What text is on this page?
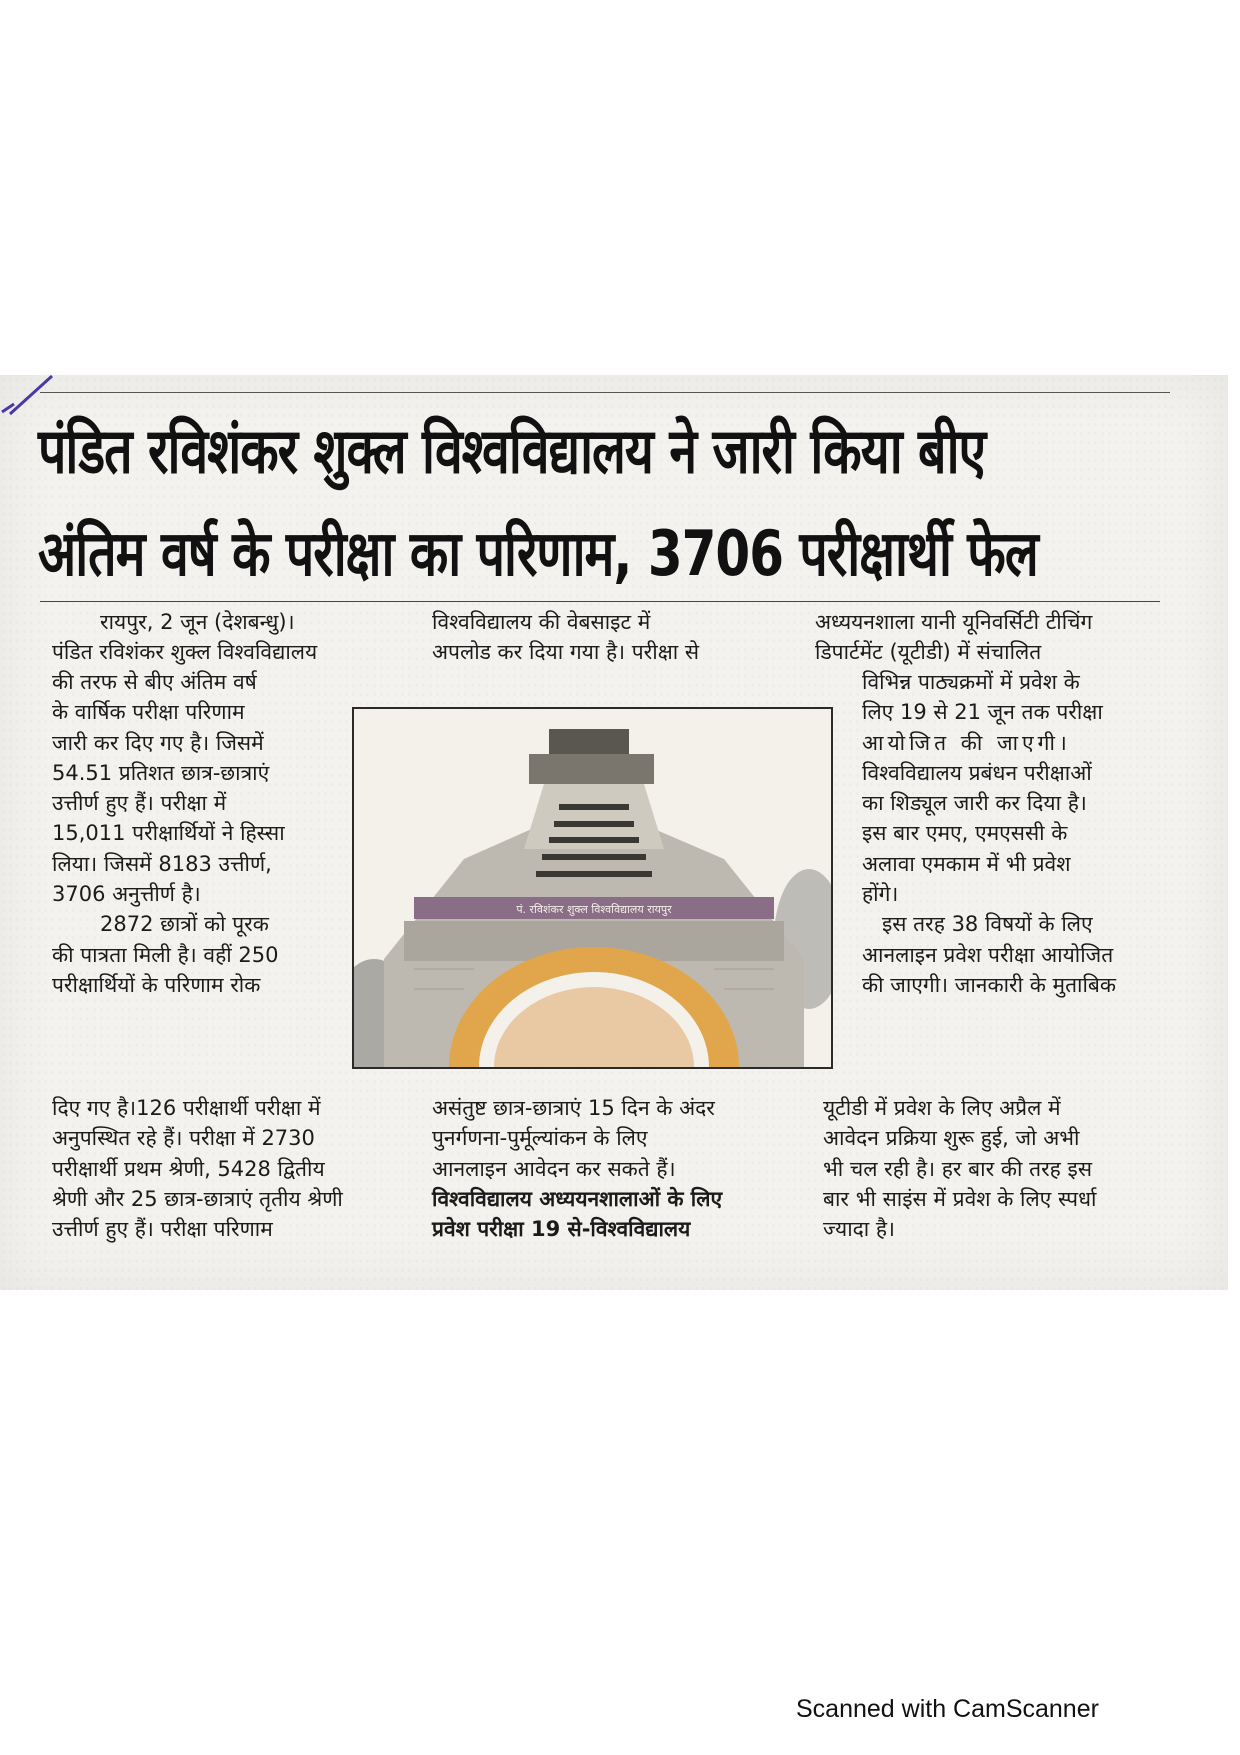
पंडित रविशंकर शुक्ल विश्वविद्यालय ने जारी किया बीए
अंतिम वर्ष के परीक्षा का परिणाम, 3706 परीक्षार्थी फेल

रायपुर, 2 जून (देशबन्धु)।

पंडित रविशंकर शुक्ल विश्वविद्यालय

की तरफ से बीए अंतिम वर्ष

के वार्षिक परीक्षा परिणाम

जारी कर दिए गए है। जिसमें

54.51 प्रतिशत छात्र-छात्राएं

उत्तीर्ण हुए हैं। परीक्षा में

15,011 परीक्षार्थियों ने हिस्सा

लिया। जिसमें 8183 उत्तीर्ण,

3706 अनुत्तीर्ण है।

2872 छात्रों को पूरक

की पात्रता मिली है। वहीं 250

परीक्षार्थियों के परिणाम रोक

दिए गए है।126 परीक्षार्थी परीक्षा में

अनुपस्थित रहे हैं। परीक्षा में 2730

परीक्षार्थी प्रथम श्रेणी, 5428 द्वितीय

श्रेणी और 25 छात्र-छात्राएं तृतीय श्रेणी

उत्तीर्ण हुए हैं। परीक्षा परिणाम

विश्वविद्यालय की वेबसाइट में

अपलोड कर दिया गया है। परीक्षा से

पं. रविशंकर शुक्ल विश्वविद्यालय रायपुर

असंतुष्ट छात्र-छात्राएं 15 दिन के अंदर

पुनर्गणना-पुर्मूल्यांकन के लिए

आनलाइन आवेदन कर सकते हैं।

विश्वविद्यालय अध्ययनशालाओं के लिए

प्रवेश परीक्षा 19 से-विश्वविद्यालय

अध्ययनशाला यानी यूनिवर्सिटी टीचिंग

डिपार्टमेंट (यूटीडी) में संचालित

विभिन्न पाठ्यक्रमों में प्रवेश के

लिए 19 से 21 जून तक परीक्षा

आयोजित की जाएगी।

विश्वविद्यालय प्रबंधन परीक्षाओं

का शिड्यूल जारी कर दिया है।

इस बार एमए, एमएससी के

अलावा एमकाम में भी प्रवेश

होंगे।

इस तरह 38 विषयों के लिए

आनलाइन प्रवेश परीक्षा आयोजित

की जाएगी। जानकारी के मुताबिक

यूटीडी में प्रवेश के लिए अप्रैल में

आवेदन प्रक्रिया शुरू हुई, जो अभी

भी चल रही है। हर बार की तरह इस

बार भी साइंस में प्रवेश के लिए स्पर्धा

ज्यादा है।

Scanned with CamScanner
